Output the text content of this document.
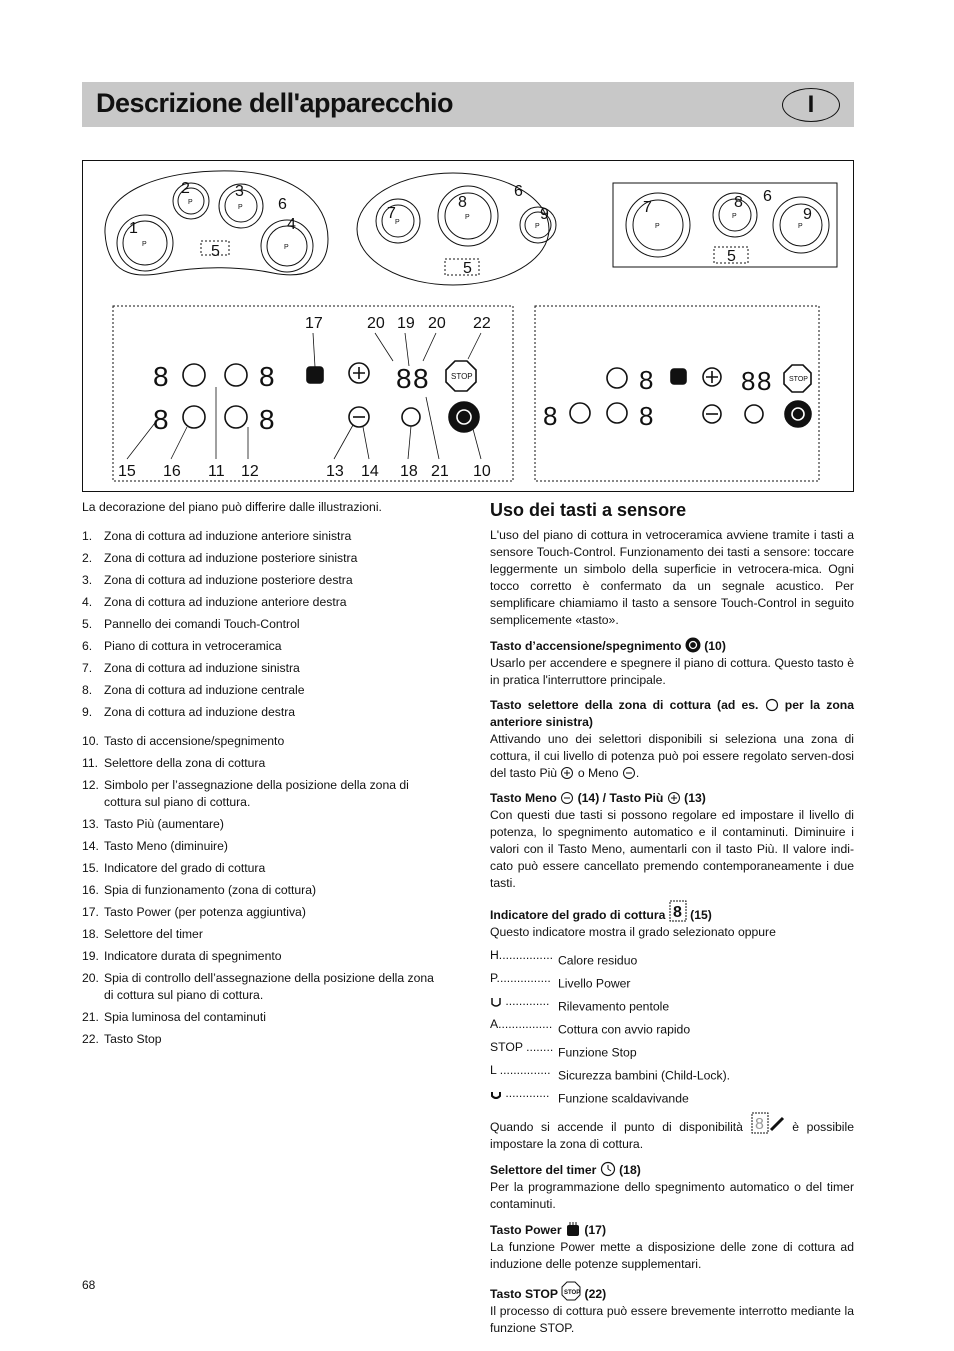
Descrizione dell'apparecchio	I
1
2	3
4
5
6
P
P
P
P
7
8
9
6
5
P
P
P
7	8 6
9
5
P
P
P
8	8
8	8
8 8	STOP
17	20 19 20 22
15 16 11 12	13 14 18 21 10
8	8 8	STOP
8	8

La decorazione del piano può differire dalle illustrazioni.

1. Zona di cottura ad induzione anteriore sinistra
2. Zona di cottura ad induzione posteriore sinistra
3. Zona di cottura ad induzione posteriore destra
4. Zona di cottura ad induzione anteriore destra
5. Pannello dei comandi Touch-Control
6. Piano di cottura in vetroceramica
7. Zona di cottura ad induzione sinistra
8. Zona di cottura ad induzione centrale
9. Zona di cottura ad induzione destra
10. Tasto di accensione/spegnimento
11. Selettore della zona di cottura
12. Simbolo per l’assegnazione della posizione della zona di cottura sul piano di cottura.
13. Tasto Più (aumentare)
14. Tasto Meno (diminuire)
15. Indicatore del grado di cottura
16. Spia di funzionamento (zona di cottura)
17. Tasto Power (per potenza aggiuntiva)
18. Selettore del timer
19. Indicatore durata di spegnimento
20. Spia di controllo dell’assegnazione della posizione della zona di cottura sul piano di cottura.
21. Spia luminosa del contaminuti
22. Tasto Stop
Uso dei tasti a sensore

L'uso del piano di cottura in vetroceramica avviene tramite i tasti a sensore Touch-Control. Funzionamento dei tasti a sensore: toccare leggermente un simbolo della superficie in vetrocera-mica. Ogni tocco corretto è confermato da un segnale acustico. Per semplificare chiamiamo il tasto a sensore Touch-Control in seguito semplicemente «tasto».

Tasto d’accensione/spegnimento (10)

Usarlo per accendere e spegnere il piano di cottura. Questo tasto è in pratica l'interruttore principale.

Tasto selettore della zona di cottura (ad es. per la zona anteriore sinistra)

Attivando uno dei selettori disponibili si seleziona una zona di cottura, il cui livello di potenza può poi essere regolato serven-dosi del tasto Più o Meno .

Tasto Meno (14) / Tasto Più (13)

Con questi due tasti si possono regolare ed impostare il livello di potenza, lo spegnimento automatico e il contaminuti. Diminuire i valori con il Tasto Meno, aumentarli con il tasto Più. Il valore indi-cato può essere cancellato premendo contemporaneamente i due tasti.

Indicatore del grado di cottura 8 (15)

Questo indicatore mostra il grado selezionato oppure

H................ Calore residuo
P................ Livello Power
............. Rilevamento pentole
A................ Cottura con avvio rapido
STOP ........ Funzione Stop
L ............... Sicurezza bambini (Child-Lock).
............. Funzione scaldavivande

Quando si accende il punto di disponibilità 8 è possibile impostare la zona di cottura.

Selettore del timer (18)

Per la programmazione dello spegnimento automatico o del timer contaminuti.

Tasto Power (17)

La funzione Power mette a disposizione delle zone di cottura ad induzione delle potenze supplementari.

Tasto STOP STOP (22)

Il processo di cottura può essere brevemente interrotto mediante la funzione STOP.

68
